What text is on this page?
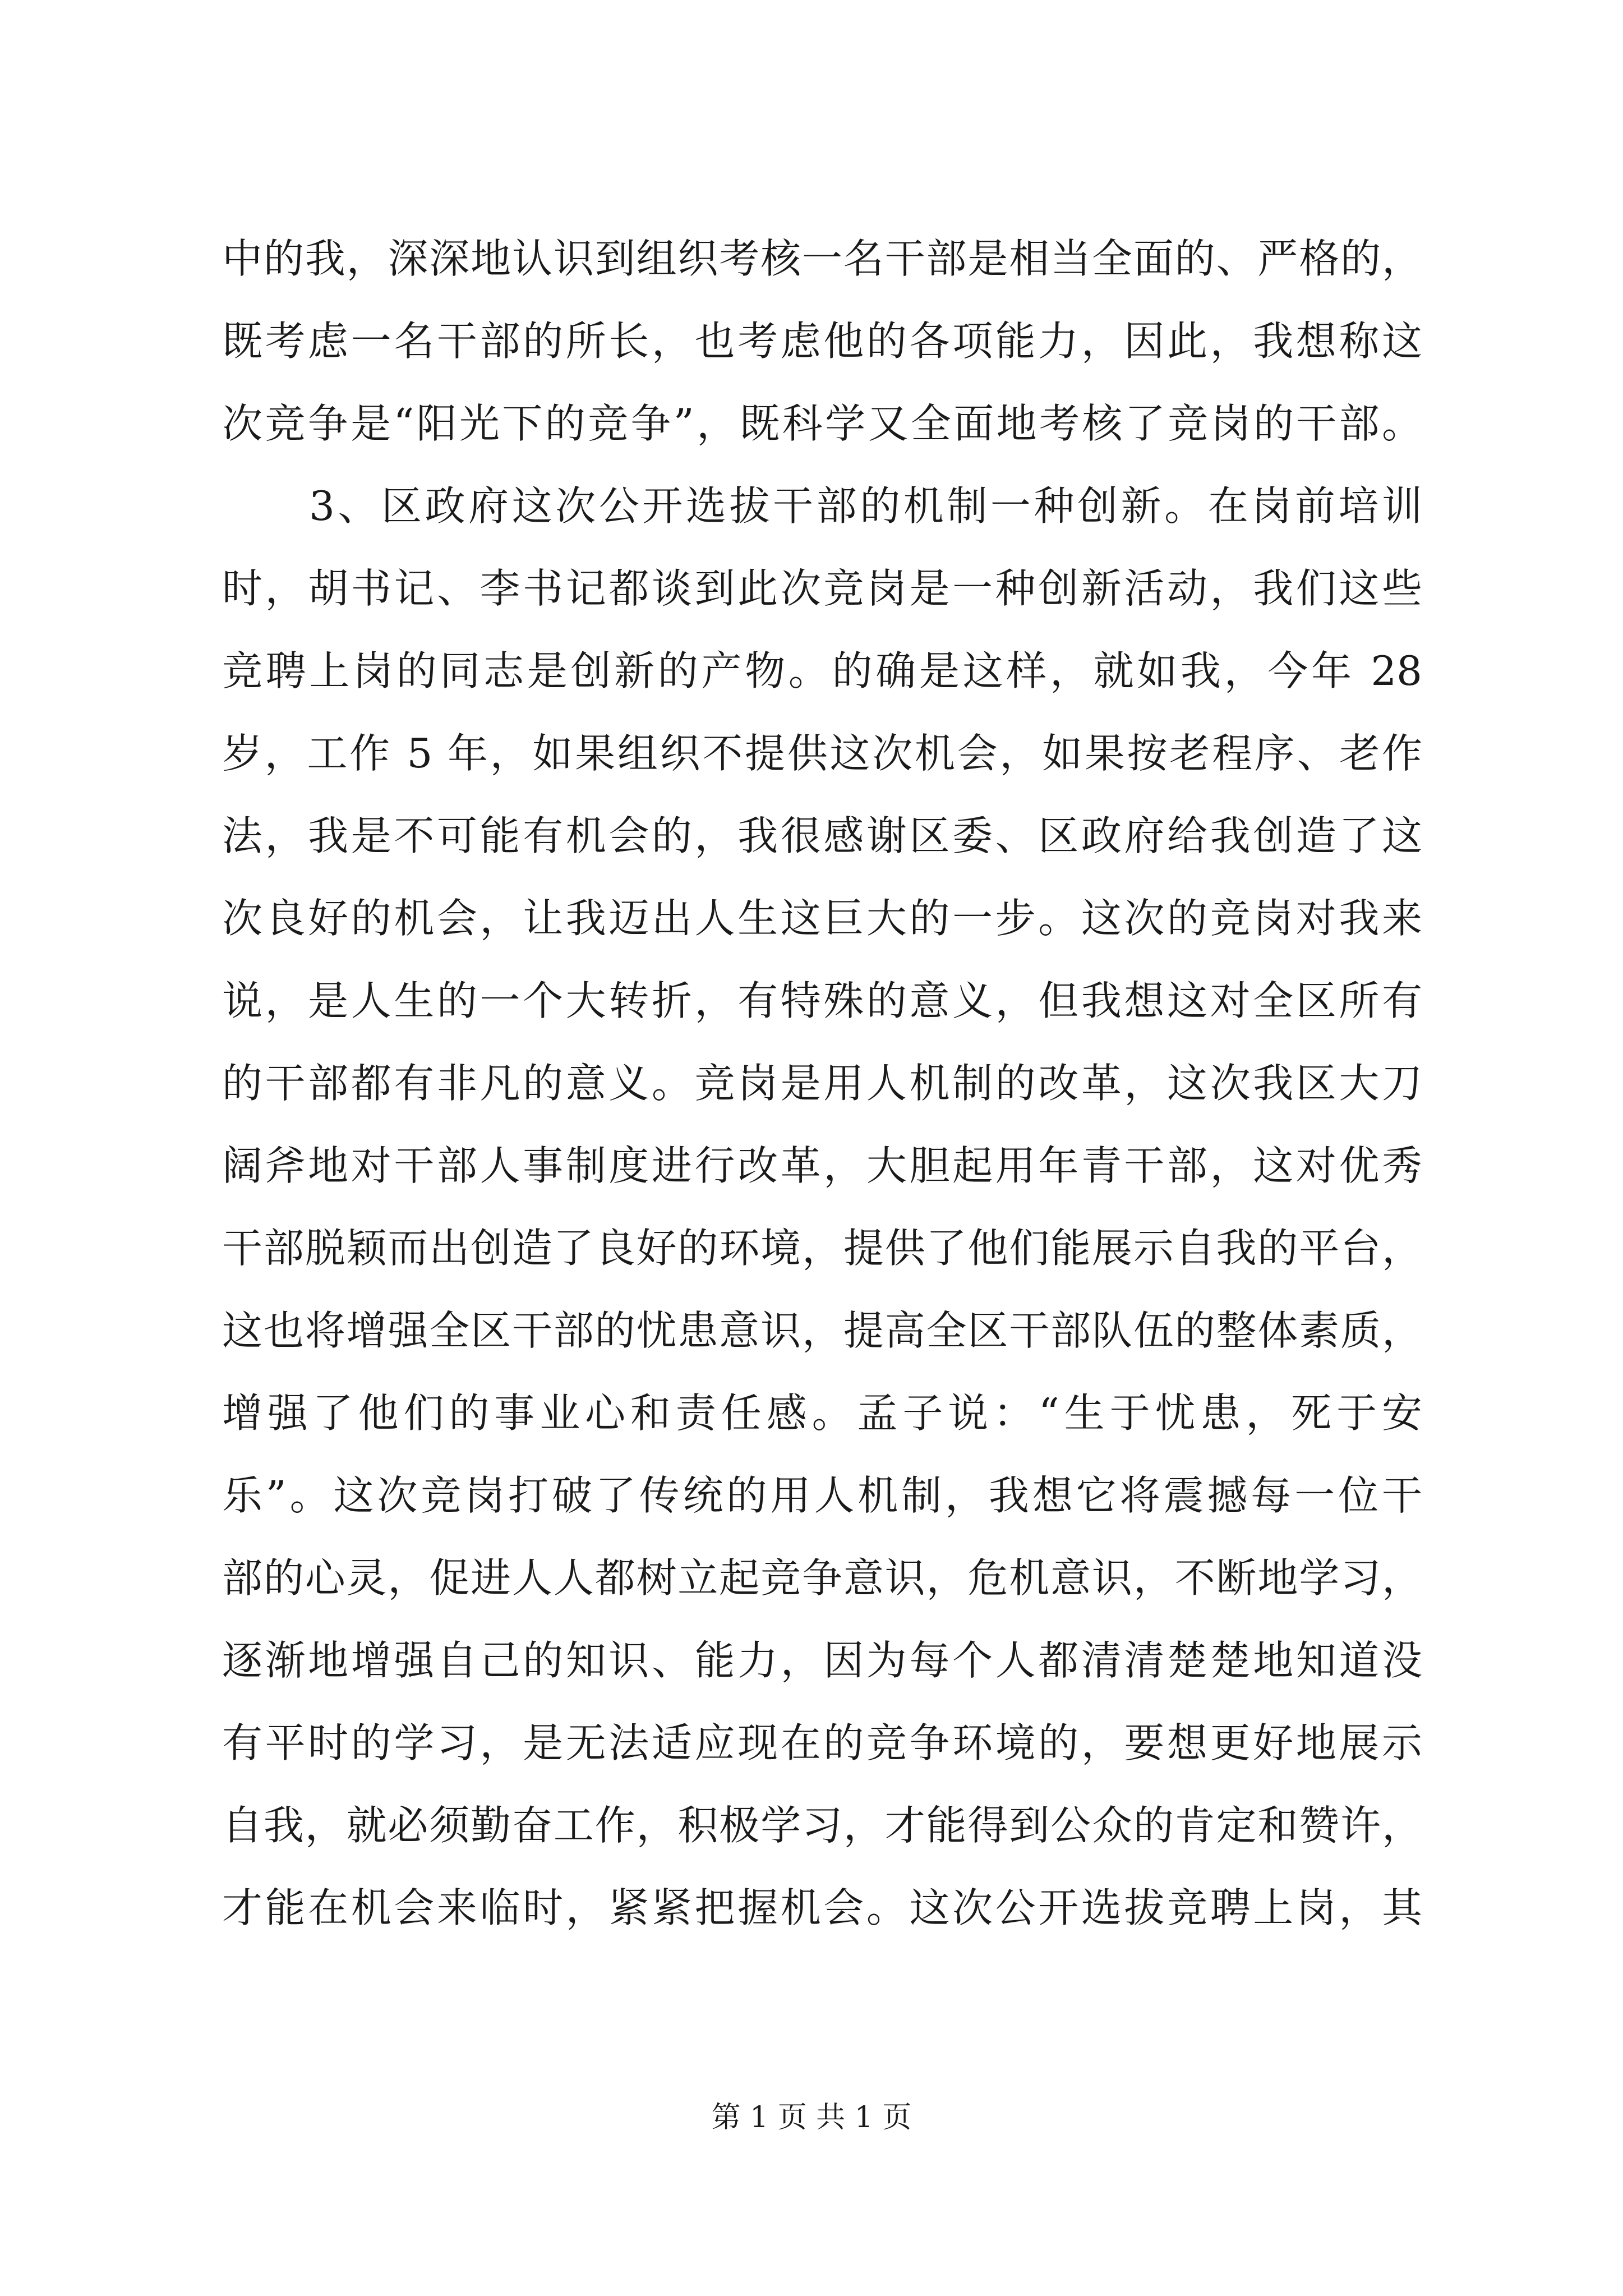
中的我，深深地认识到组织考核一名干部是相当全面的、严格的，
既考虑一名干部的所长，也考虑他的各项能力，因此，我想称这
次竞争是“阳光下的竞争”，既科学又全面地考核了竞岗的干部。
　　3、区政府这次公开选拔干部的机制一种创新。在岗前培训
时，胡书记、李书记都谈到此次竞岗是一种创新活动，我们这些
竞聘上岗的同志是创新的产物。的确是这样，就如我，今年 28
岁，工作 5 年，如果组织不提供这次机会，如果按老程序、老作
法，我是不可能有机会的，我很感谢区委、区政府给我创造了这
次良好的机会，让我迈出人生这巨大的一步。这次的竞岗对我来
说，是人生的一个大转折，有特殊的意义，但我想这对全区所有
的干部都有非凡的意义。竞岗是用人机制的改革，这次我区大刀
阔斧地对干部人事制度进行改革，大胆起用年青干部，这对优秀
干部脱颖而出创造了良好的环境，提供了他们能展示自我的平台，
这也将增强全区干部的忧患意识，提高全区干部队伍的整体素质，
增强了他们的事业心和责任感。孟子说：“生于忧患，死于安
乐”。这次竞岗打破了传统的用人机制，我想它将震撼每一位干
部的心灵，促进人人都树立起竞争意识，危机意识，不断地学习，
逐渐地增强自己的知识、能力，因为每个人都清清楚楚地知道没
有平时的学习，是无法适应现在的竞争环境的，要想更好地展示
自我，就必须勤奋工作，积极学习，才能得到公众的肯定和赞许，
才能在机会来临时，紧紧把握机会。这次公开选拔竞聘上岗，其
第 1 页 共 1 页
